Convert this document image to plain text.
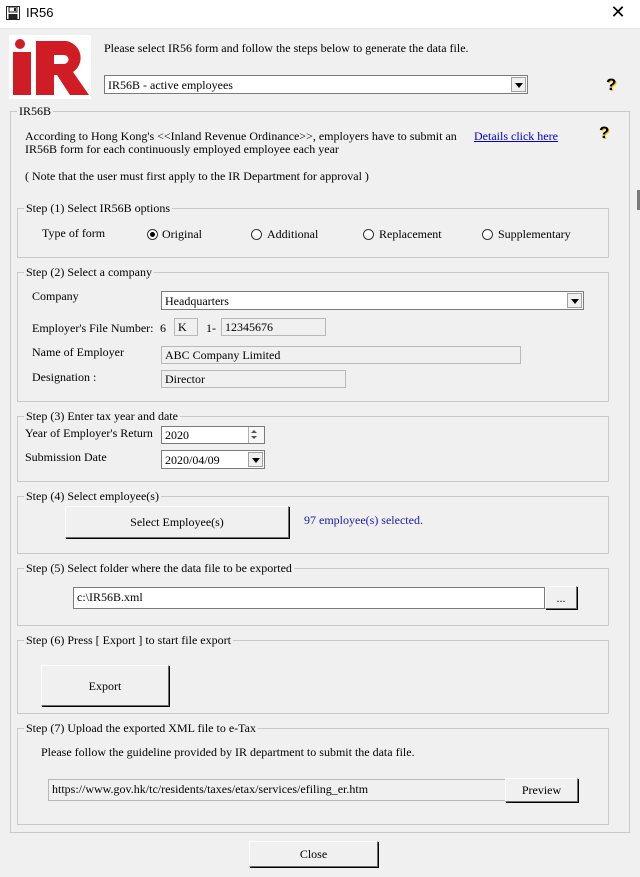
IR56	✕
Please select IR56 form and follow the steps below to generate the data file.
IR56B - active employees	?
IR56B
According to Hong Kong's <<Inland Revenue Ordinance>>, employers have to submit an
IR56B form for each continuously employed employee each year
Details click here ?
( Note that the user must first apply to the IR Department for approval )
Step (1) Select IR56B options
Type of form	Original	Additional	Replacement	Supplementary
Step (2) Select a company
Company	Headquarters
Employer's File Number: 6	K	1- 12345676
Name of Employer	ABC Company Limited
Designation :	Director
Step (3) Enter tax year and date
Year of Employer's Return	2020
Submission Date	2020/04/09
Step (4) Select employee(s)
Select Employee(s)	97 employee(s) selected.
Step (5) Select folder where the data file to be exported
c:\IR56B.xml	...
Step (6) Press [ Export ] to start file export
Export
Step (7) Upload the exported XML file to e-Tax
Please follow the guideline provided by IR department to submit the data file.
https://www.gov.hk/tc/residents/taxes/etax/services/efiling_er.htm	Preview
Close
